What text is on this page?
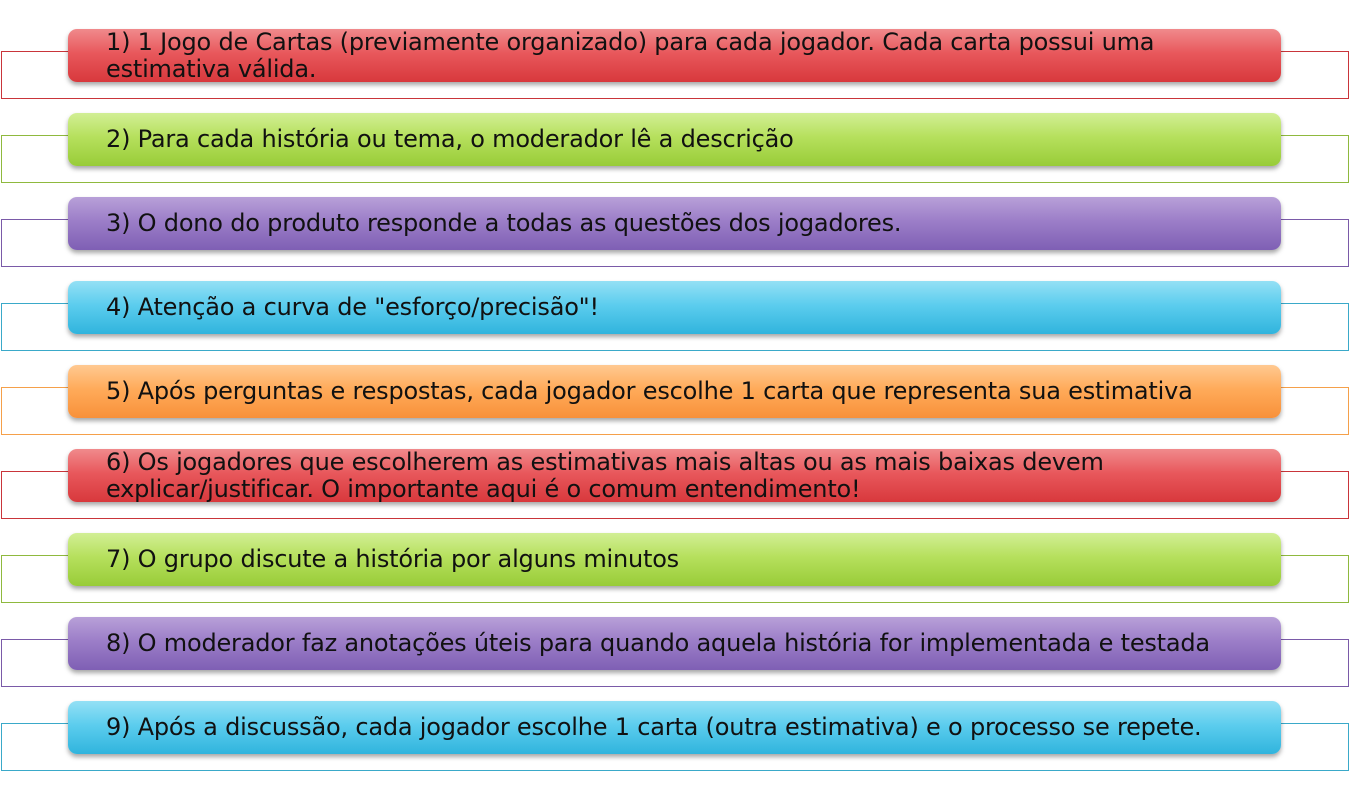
1) 1 Jogo de Cartas (previamente organizado) para cada jogador. Cada carta possui uma estimativa válida.
2) Para cada história ou tema, o moderador lê a descrição
3) O dono do produto responde a todas as questões dos jogadores.
4) Atenção a curva de "esforço/precisão"!
5) Após perguntas e respostas, cada jogador escolhe 1 carta que representa sua estimativa
6) Os jogadores que escolherem as estimativas mais altas ou as mais baixas devem explicar/justificar. O importante aqui é o comum entendimento!
7) O grupo discute a história por alguns minutos
8) O moderador faz anotações úteis para quando aquela história for implementada e testada
9) Após a discussão, cada jogador escolhe 1 carta (outra estimativa) e o processo se repete.
